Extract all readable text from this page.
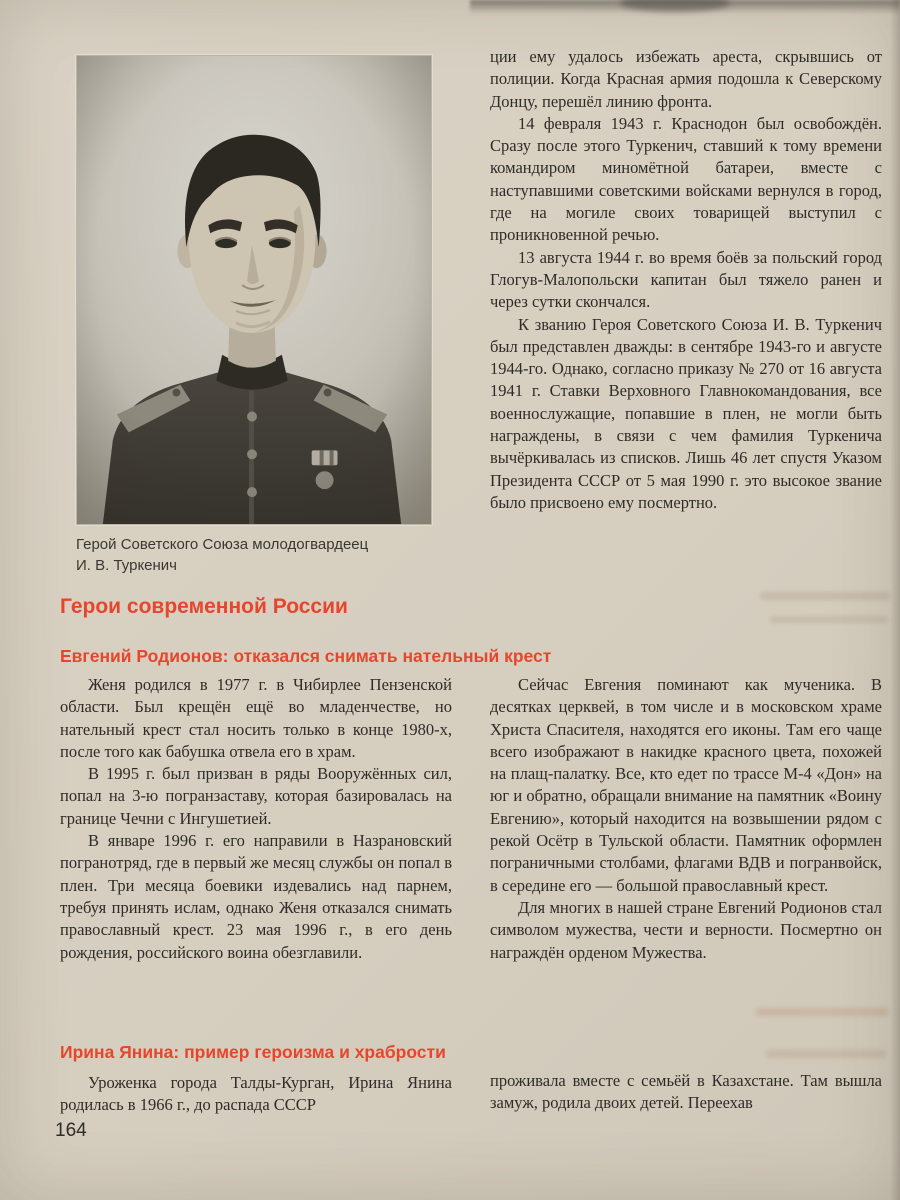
Герой Советского Союза молодогвардеец
И. В. Туркенич

ции ему удалось избежать ареста, скрывшись от полиции. Когда Красная армия подошла к Северскому Донцу, перешёл линию фронта.

14 февраля 1943 г. Краснодон был освобождён. Сразу после этого Туркенич, ставший к тому времени командиром миномётной батареи, вместе с наступавшими советскими войсками вернулся в город, где на могиле своих товарищей выступил с проникновенной речью.

13 августа 1944 г. во время боёв за польский город Глогув-Малопольски капитан был тяжело ранен и через сутки скончался.

К званию Героя Советского Союза И. В. Туркенич был представлен дважды: в сентябре 1943-го и августе 1944-го. Однако, согласно приказу № 270 от 16 августа 1941 г. Ставки Верховного Главнокомандования, все военнослужащие, попавшие в плен, не могли быть награждены, в связи с чем фамилия Туркенича вычёркивалась из списков. Лишь 46 лет спустя Указом Президента СССР от 5 мая 1990 г. это высокое звание было присвоено ему посмертно.

Герои современной России
Евгений Родионов: отказался снимать нательный крест

Женя родился в 1977 г. в Чибирлее Пензенской области. Был крещён ещё во младенчестве, но нательный крест стал носить только в конце 1980-х, после того как бабушка отвела его в храм.

В 1995 г. был призван в ряды Вооружённых сил, попал на 3-ю погранзаставу, которая базировалась на границе Чечни с Ингушетией.

В январе 1996 г. его направили в Назрановский погранотряд, где в первый же месяц службы он попал в плен. Три месяца боевики издевались над парнем, требуя принять ислам, однако Женя отказался снимать православный крест. 23 мая 1996 г., в его день рождения, российского воина обезглавили.

Сейчас Евгения поминают как мученика. В десятках церквей, в том числе и в московском храме Христа Спасителя, находятся его иконы. Там его чаще всего изображают в накидке красного цвета, похожей на плащ-палатку. Все, кто едет по трассе М-4 «Дон» на юг и обратно, обращали внимание на памятник «Воину Евгению», который находится на возвышении рядом с рекой Осётр в Тульской области. Памятник оформлен пограничными столбами, флагами ВДВ и погранвойск, в середине его — большой православный крест.

Для многих в нашей стране Евгений Родионов стал символом мужества, чести и верности. Посмертно он награждён орденом Мужества.

Ирина Янина: пример героизма и храбрости

Уроженка города Талды-Курган, Ирина Янина родилась в 1966 г., до распада СССР

проживала вместе с семьёй в Казахстане. Там вышла замуж, родила двоих детей. Переехав

164
